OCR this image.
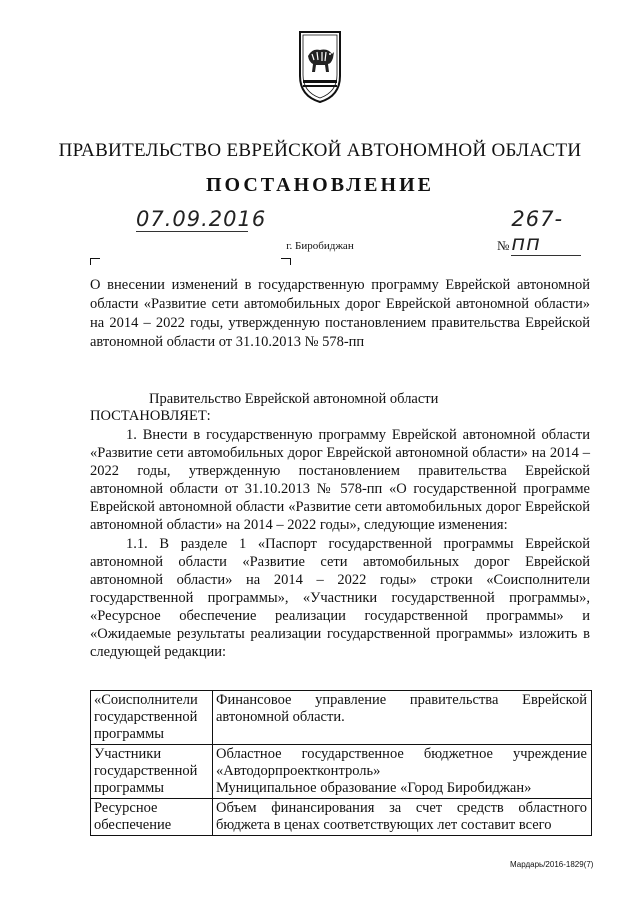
ПРАВИТЕЛЬСТВО ЕВРЕЙСКОЙ АВТОНОМНОЙ ОБЛАСТИ
ПОСТАНОВЛЕНИЕ
07.09.2016
№267-пп
г. Биробиджан
О внесении изменений в государственную программу Еврейской автономной области «Развитие сети автомобильных дорог Еврейской автономной области» на 2014 – 2022 годы, утвержденную постановлением правительства Еврейской автономной области от 31.10.2013 № 578-пп
Правительство Еврейской автономной области
ПОСТАНОВЛЯЕТ:

1. Внести в государственную программу Еврейской автономной области «Развитие сети автомобильных дорог Еврейской автономной области» на 2014 – 2022 годы, утвержденную постановлением правительства Еврейской автономной области от 31.10.2013 № 578-пп «О государственной программе Еврейской автономной области «Развитие сети автомобильных дорог Еврейской автономной области» на 2014 – 2022 годы», следующие изменения:

1.1. В разделе 1 «Паспорт государственной программы Еврейской автономной области «Развитие сети автомобильных дорог Еврейской автономной области» на 2014 – 2022 годы» строки «Соисполнители государственной программы», «Участники государственной программы», «Ресурсное обеспечение реализации государственной программы» и «Ожидаемые результаты реализации государственной программы» изложить в следующей редакции:

«Соисполнители
государственной
программы	Финансовое управление правительства Еврейской автономной области.

Участники
государственной
программы	Областное государственное бюджетное учреждение «Автодорпроектконтроль»
Муниципальное образование «Город Биробиджан»

Ресурсное
обеспечение	Объем финансирования за счет средств областного бюджета в ценах соответствующих лет составит всего
Мардарь/2016-1829(7)
